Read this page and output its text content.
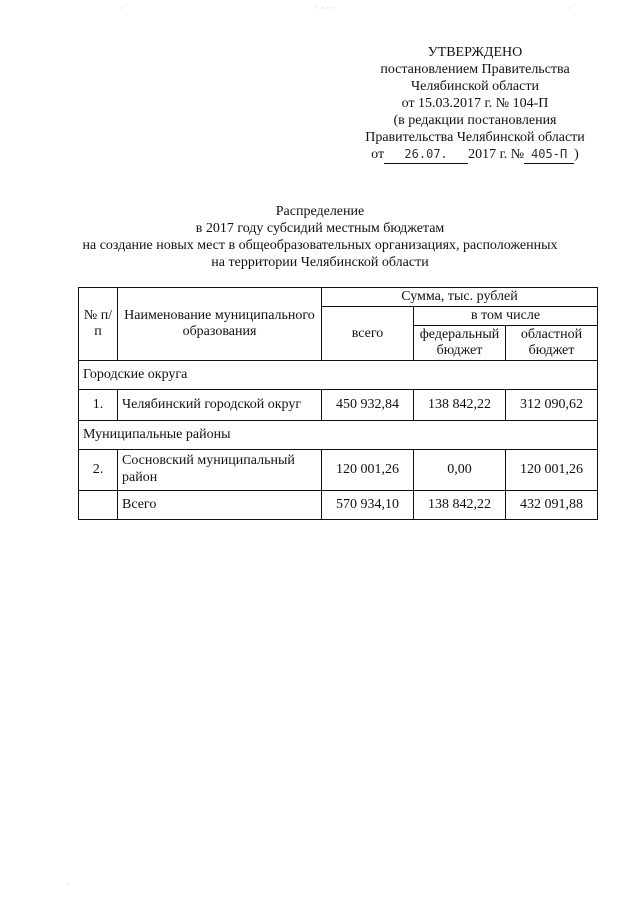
УТВЕРЖДЕНО
постановлением Правительства
Челябинской области
от 15.03.2017 г. № 104-П
(в редакции постановления
Правительства Челябинской области
от 26.07. 2017 г. № 405-П )
Распределение
в 2017 году субсидий местным бюджетам
на создание новых мест в общеобразовательных организациях, расположенных
на территории Челябинской области
№ п/п	Наименование муниципального образования	Сумма, тыс. рублей		
		всего	в том числе	
			федеральный бюджет	областной бюджет
Городские округа				
1.	Челябинский городской округ	450 932,84	138 842,22	312 090,62
Муниципальные районы				
2.	Сосновский муниципальный район	120 001,26	0,00	120 001,26
	Всего	570 934,10	138 842,22	432 091,88
·	· · · ·	·
·
